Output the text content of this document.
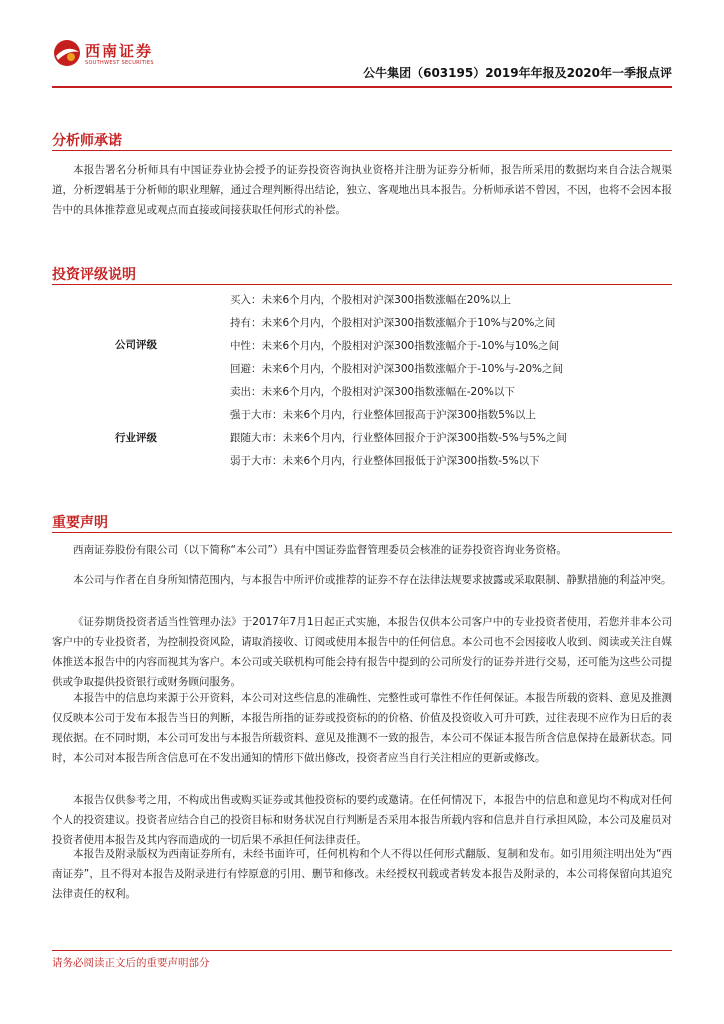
西南证券
SOUTHWEST SECURITIES
公牛集团（603195）2019年年报及2020年一季报点评
分析师承诺

本报告署名分析师具有中国证券业协会授予的证券投资咨询执业资格并注册为证券分析师，报告所采用的数据均来自合法合规渠道，分析逻辑基于分析师的职业理解，通过合理判断得出结论，独立、客观地出具本报告。分析师承诺不曾因，不因，也将不会因本报告中的具体推荐意见或观点而直接或间接获取任何形式的补偿。

投资评级说明
公司评级
买入：未来6个月内，个股相对沪深300指数涨幅在20%以上
持有：未来6个月内，个股相对沪深300指数涨幅介于10%与20%之间
中性：未来6个月内，个股相对沪深300指数涨幅介于-10%与10%之间
回避：未来6个月内，个股相对沪深300指数涨幅介于-10%与-20%之间
卖出：未来6个月内，个股相对沪深300指数涨幅在-20%以下
行业评级
强于大市：未来6个月内，行业整体回报高于沪深300指数5%以上
跟随大市：未来6个月内，行业整体回报介于沪深300指数-5%与5%之间
弱于大市：未来6个月内，行业整体回报低于沪深300指数-5%以下
重要声明

西南证券股份有限公司（以下简称“本公司”）具有中国证券监督管理委员会核准的证券投资咨询业务资格。

本公司与作者在自身所知情范围内，与本报告中所评价或推荐的证券不存在法律法规要求披露或采取限制、静默措施的利益冲突。

《证券期货投资者适当性管理办法》于2017年7月1日起正式实施，本报告仅供本公司客户中的专业投资者使用，若您并非本公司客户中的专业投资者，为控制投资风险，请取消接收、订阅或使用本报告中的任何信息。本公司也不会因接收人收到、阅读或关注自媒体推送本报告中的内容而视其为客户。本公司或关联机构可能会持有报告中提到的公司所发行的证券并进行交易，还可能为这些公司提供或争取提供投资银行或财务顾问服务。

本报告中的信息均来源于公开资料，本公司对这些信息的准确性、完整性或可靠性不作任何保证。本报告所载的资料、意见及推测仅反映本公司于发布本报告当日的判断，本报告所指的证券或投资标的的价格、价值及投资收入可升可跌，过往表现不应作为日后的表现依据。在不同时期，本公司可发出与本报告所载资料、意见及推测不一致的报告，本公司不保证本报告所含信息保持在最新状态。同时，本公司对本报告所含信息可在不发出通知的情形下做出修改，投资者应当自行关注相应的更新或修改。

本报告仅供参考之用，不构成出售或购买证券或其他投资标的要约或邀请。在任何情况下，本报告中的信息和意见均不构成对任何个人的投资建议。投资者应结合自己的投资目标和财务状况自行判断是否采用本报告所载内容和信息并自行承担风险，本公司及雇员对投资者使用本报告及其内容而造成的一切后果不承担任何法律责任。

本报告及附录版权为西南证券所有，未经书面许可，任何机构和个人不得以任何形式翻版、复制和发布。如引用须注明出处为“西南证券”，且不得对本报告及附录进行有悖原意的引用、删节和修改。未经授权刊载或者转发本报告及附录的，本公司将保留向其追究法律责任的权利。

请务必阅读正文后的重要声明部分
